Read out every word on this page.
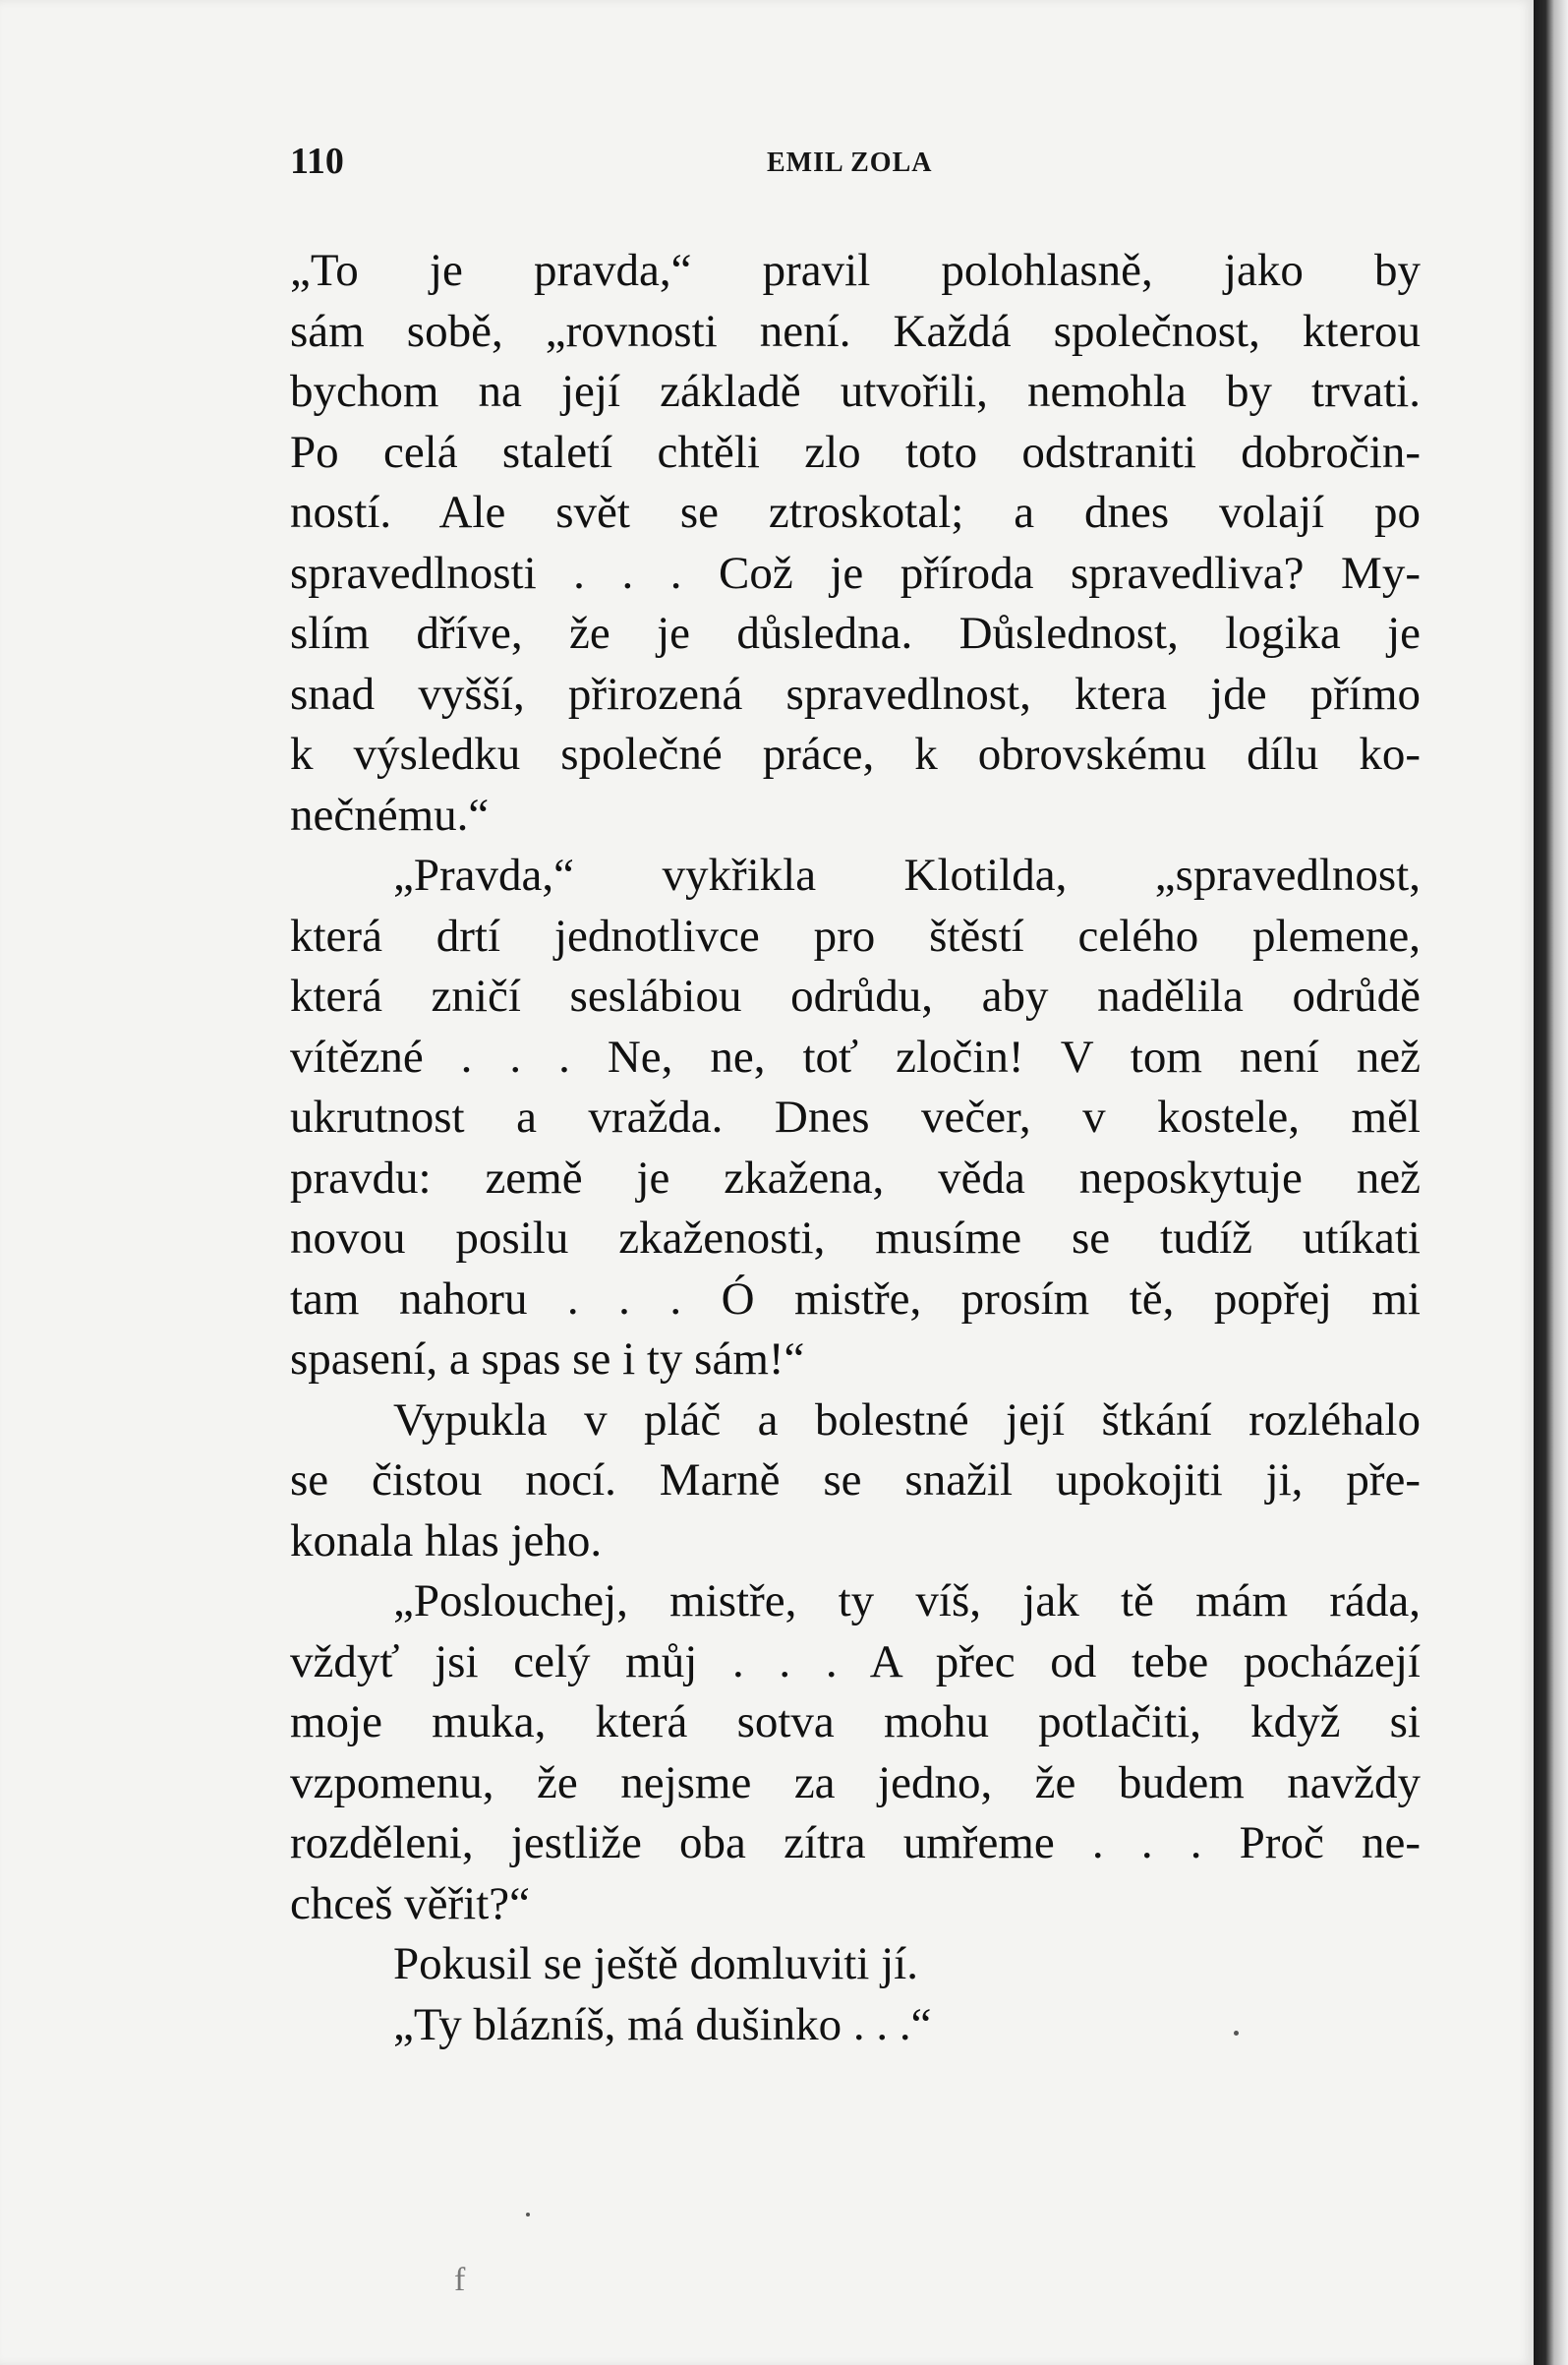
110	EMIL ZOLA
„To je pravda,“ pravil polohlasně, jako by
sám sobě, „rovnosti není. Každá společnost, kterou
bychom na její základě utvořili, nemohla by trvati.
Po celá staletí chtěli zlo toto odstraniti dobročin-
ností. Ale svět se ztroskotal; a dnes volají po
spravedlnosti . . . Což je příroda spravedliva? My-
slím dříve, že je důsledna. Důslednost, logika je
snad vyšší, přirozená spravedlnost, ktera jde přímo
k výsledku společné práce, k obrovskému dílu ko-
nečnému.“
„Pravda,“ vykřikla Klotilda, „spravedlnost,
která drtí jednotlivce pro štěstí celého plemene,
která zničí seslábiou odrůdu, aby nadělila odrůdě
vítězné . . . Ne, ne, toť zločin! V tom není než
ukrutnost a vražda. Dnes večer, v kostele, měl
pravdu: země je zkažena, věda neposkytuje než
novou posilu zkaženosti, musíme se tudíž utíkati
tam nahoru . . . Ó mistře, prosím tě, popřej mi
spasení, a spas se i ty sám!“
Vypukla v pláč a bolestné její štkání rozléhalo
se čistou nocí. Marně se snažil upokojiti ji, pře-
konala hlas jeho.
„Poslouchej, mistře, ty víš, jak tě mám ráda,
vždyť jsi celý můj . . . A přec od tebe pocházejí
moje muka, která sotva mohu potlačiti, když si
vzpomenu, že nejsme za jedno, že budem navždy
rozděleni, jestliže oba zítra umřeme . . . Proč ne-
chceš věřit?“
Pokusil se ještě domluviti jí.
„Ty blázníš, má dušinko . . .“
f
